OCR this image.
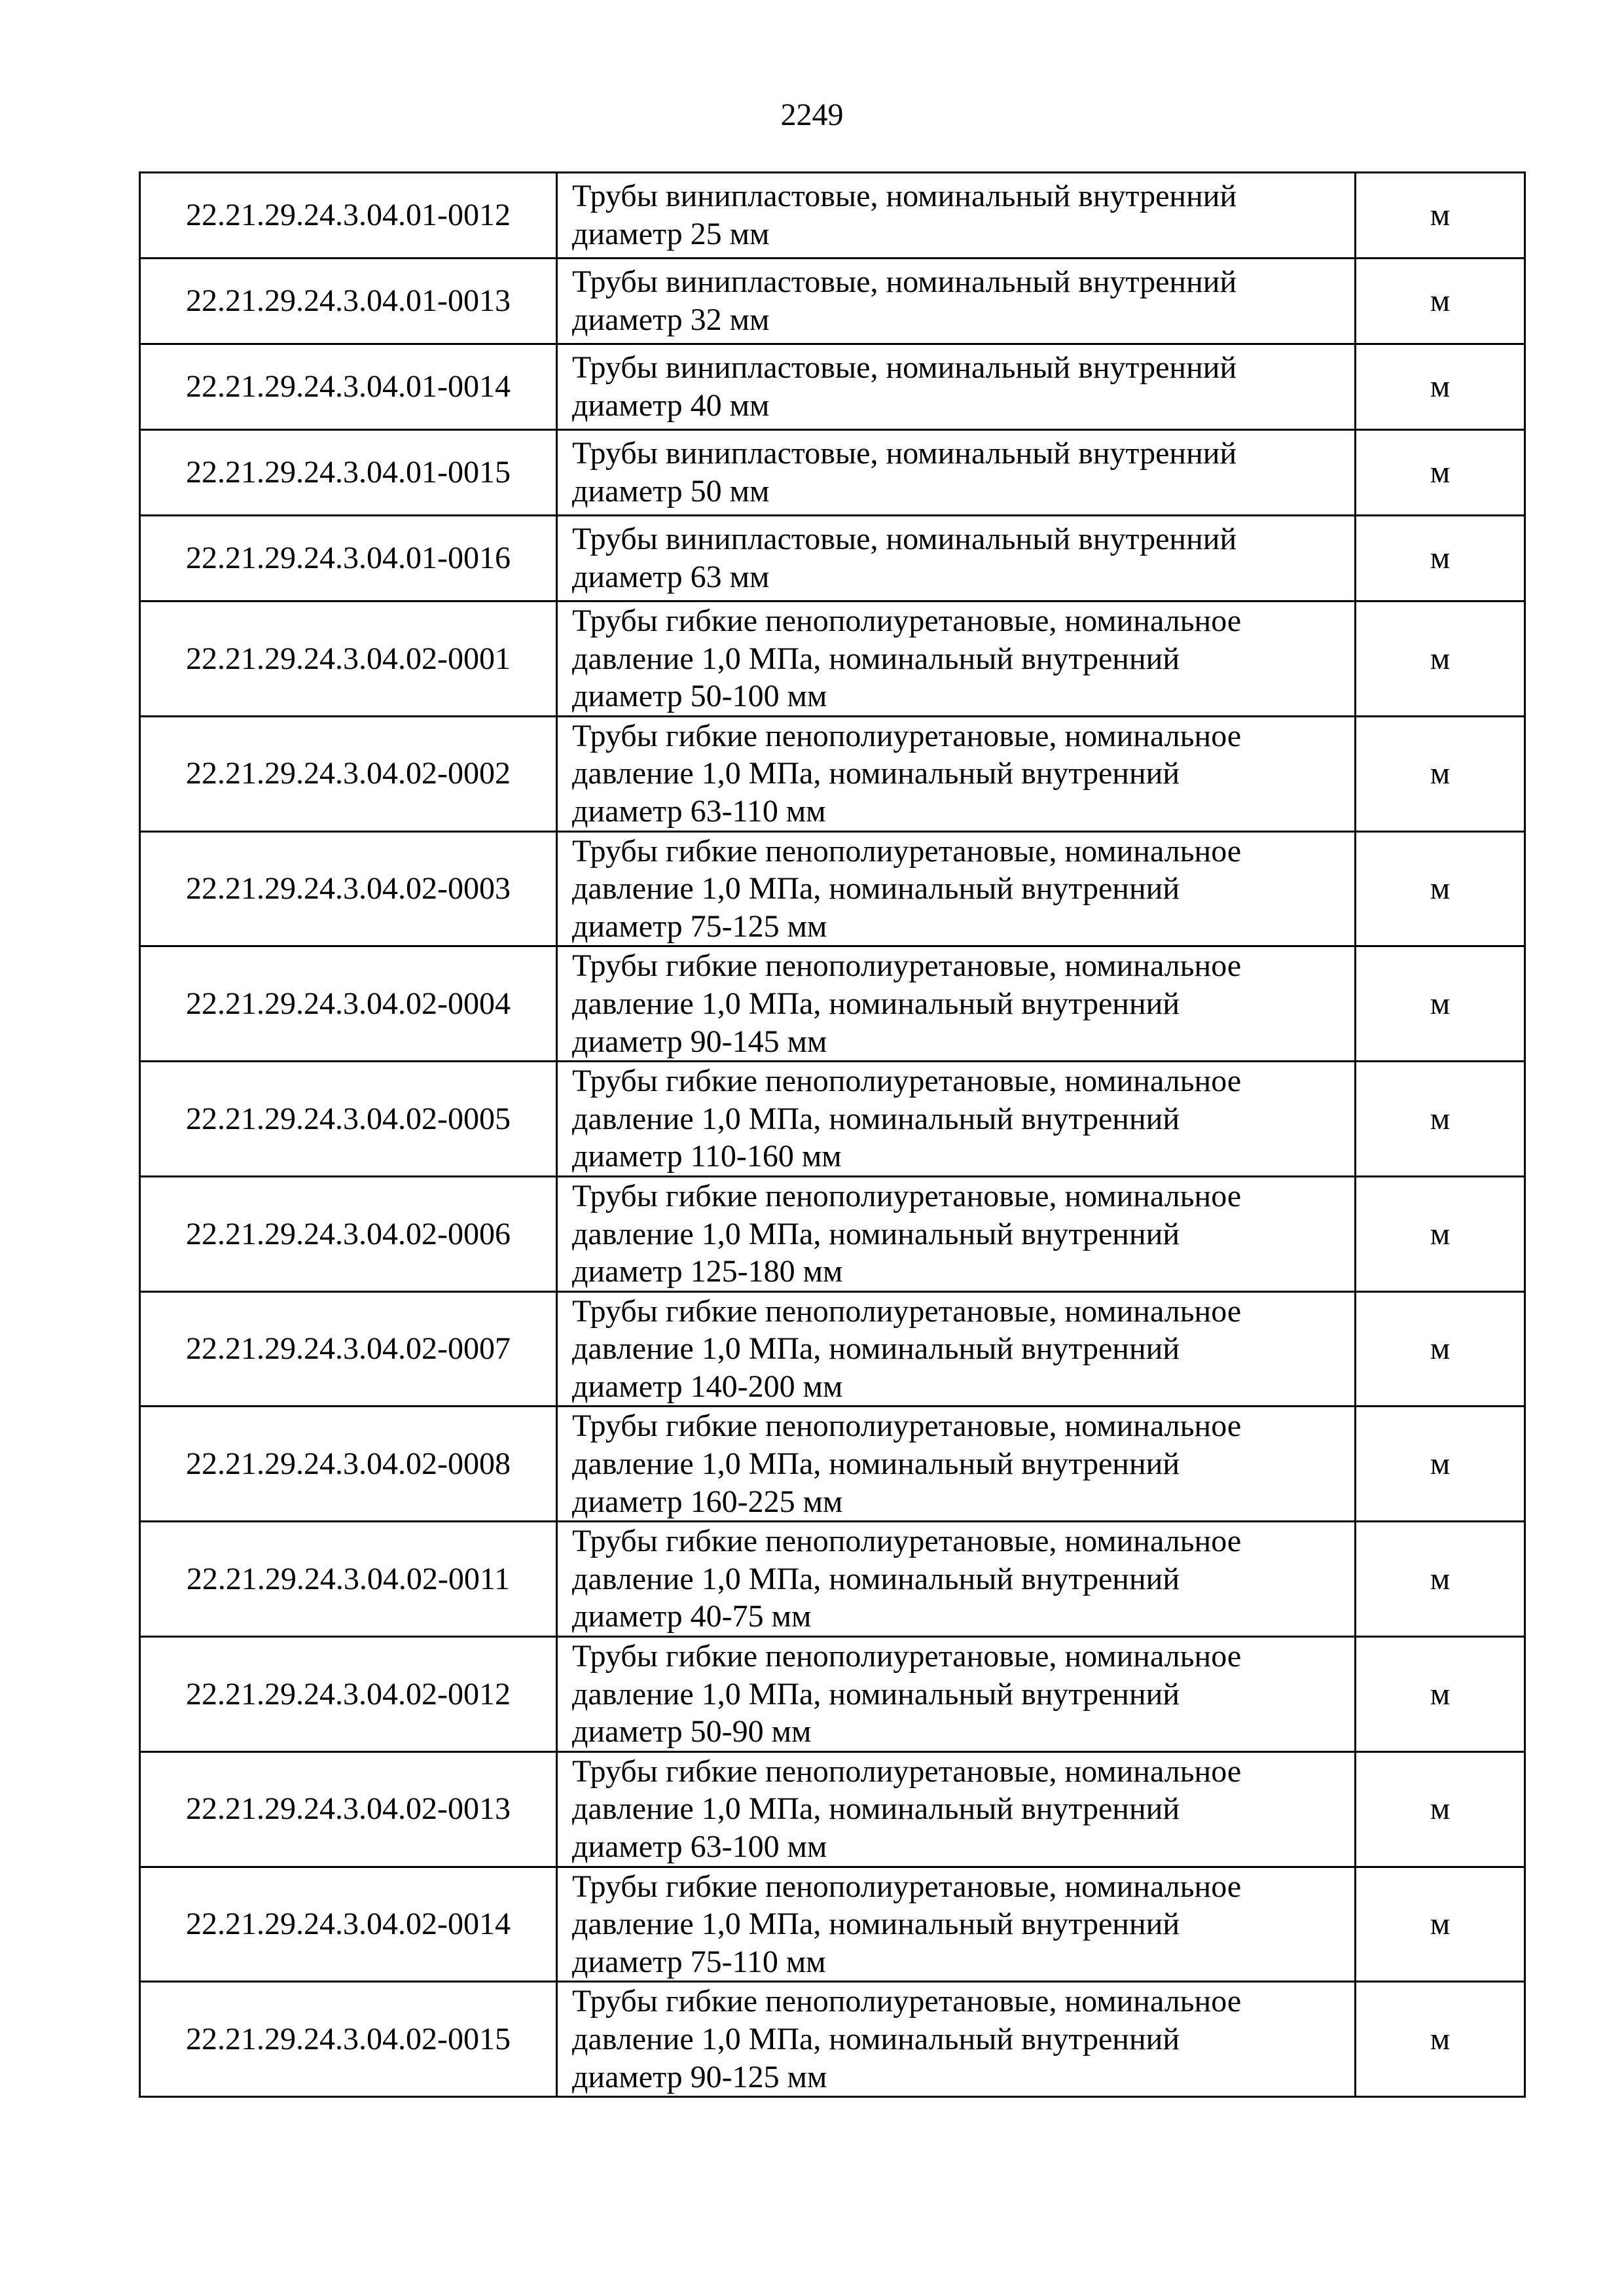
2249
22.21.29.24.3.04.01-0012	Трубы винипластовые, номинальный внутренний
диаметр 25 мм	м
22.21.29.24.3.04.01-0013	Трубы винипластовые, номинальный внутренний
диаметр 32 мм	м
22.21.29.24.3.04.01-0014	Трубы винипластовые, номинальный внутренний
диаметр 40 мм	м
22.21.29.24.3.04.01-0015	Трубы винипластовые, номинальный внутренний
диаметр 50 мм	м
22.21.29.24.3.04.01-0016	Трубы винипластовые, номинальный внутренний
диаметр 63 мм	м
22.21.29.24.3.04.02-0001	Трубы гибкие пенополиуретановые, номинальное
давление 1,0 МПа, номинальный внутренний
диаметр 50-100 мм	м
22.21.29.24.3.04.02-0002	Трубы гибкие пенополиуретановые, номинальное
давление 1,0 МПа, номинальный внутренний
диаметр 63-110 мм	м
22.21.29.24.3.04.02-0003	Трубы гибкие пенополиуретановые, номинальное
давление 1,0 МПа, номинальный внутренний
диаметр 75-125 мм	м
22.21.29.24.3.04.02-0004	Трубы гибкие пенополиуретановые, номинальное
давление 1,0 МПа, номинальный внутренний
диаметр 90-145 мм	м
22.21.29.24.3.04.02-0005	Трубы гибкие пенополиуретановые, номинальное
давление 1,0 МПа, номинальный внутренний
диаметр 110-160 мм	м
22.21.29.24.3.04.02-0006	Трубы гибкие пенополиуретановые, номинальное
давление 1,0 МПа, номинальный внутренний
диаметр 125-180 мм	м
22.21.29.24.3.04.02-0007	Трубы гибкие пенополиуретановые, номинальное
давление 1,0 МПа, номинальный внутренний
диаметр 140-200 мм	м
22.21.29.24.3.04.02-0008	Трубы гибкие пенополиуретановые, номинальное
давление 1,0 МПа, номинальный внутренний
диаметр 160-225 мм	м
22.21.29.24.3.04.02-0011	Трубы гибкие пенополиуретановые, номинальное
давление 1,0 МПа, номинальный внутренний
диаметр 40-75 мм	м
22.21.29.24.3.04.02-0012	Трубы гибкие пенополиуретановые, номинальное
давление 1,0 МПа, номинальный внутренний
диаметр 50-90 мм	м
22.21.29.24.3.04.02-0013	Трубы гибкие пенополиуретановые, номинальное
давление 1,0 МПа, номинальный внутренний
диаметр 63-100 мм	м
22.21.29.24.3.04.02-0014	Трубы гибкие пенополиуретановые, номинальное
давление 1,0 МПа, номинальный внутренний
диаметр 75-110 мм	м
22.21.29.24.3.04.02-0015	Трубы гибкие пенополиуретановые, номинальное
давление 1,0 МПа, номинальный внутренний
диаметр 90-125 мм	м
